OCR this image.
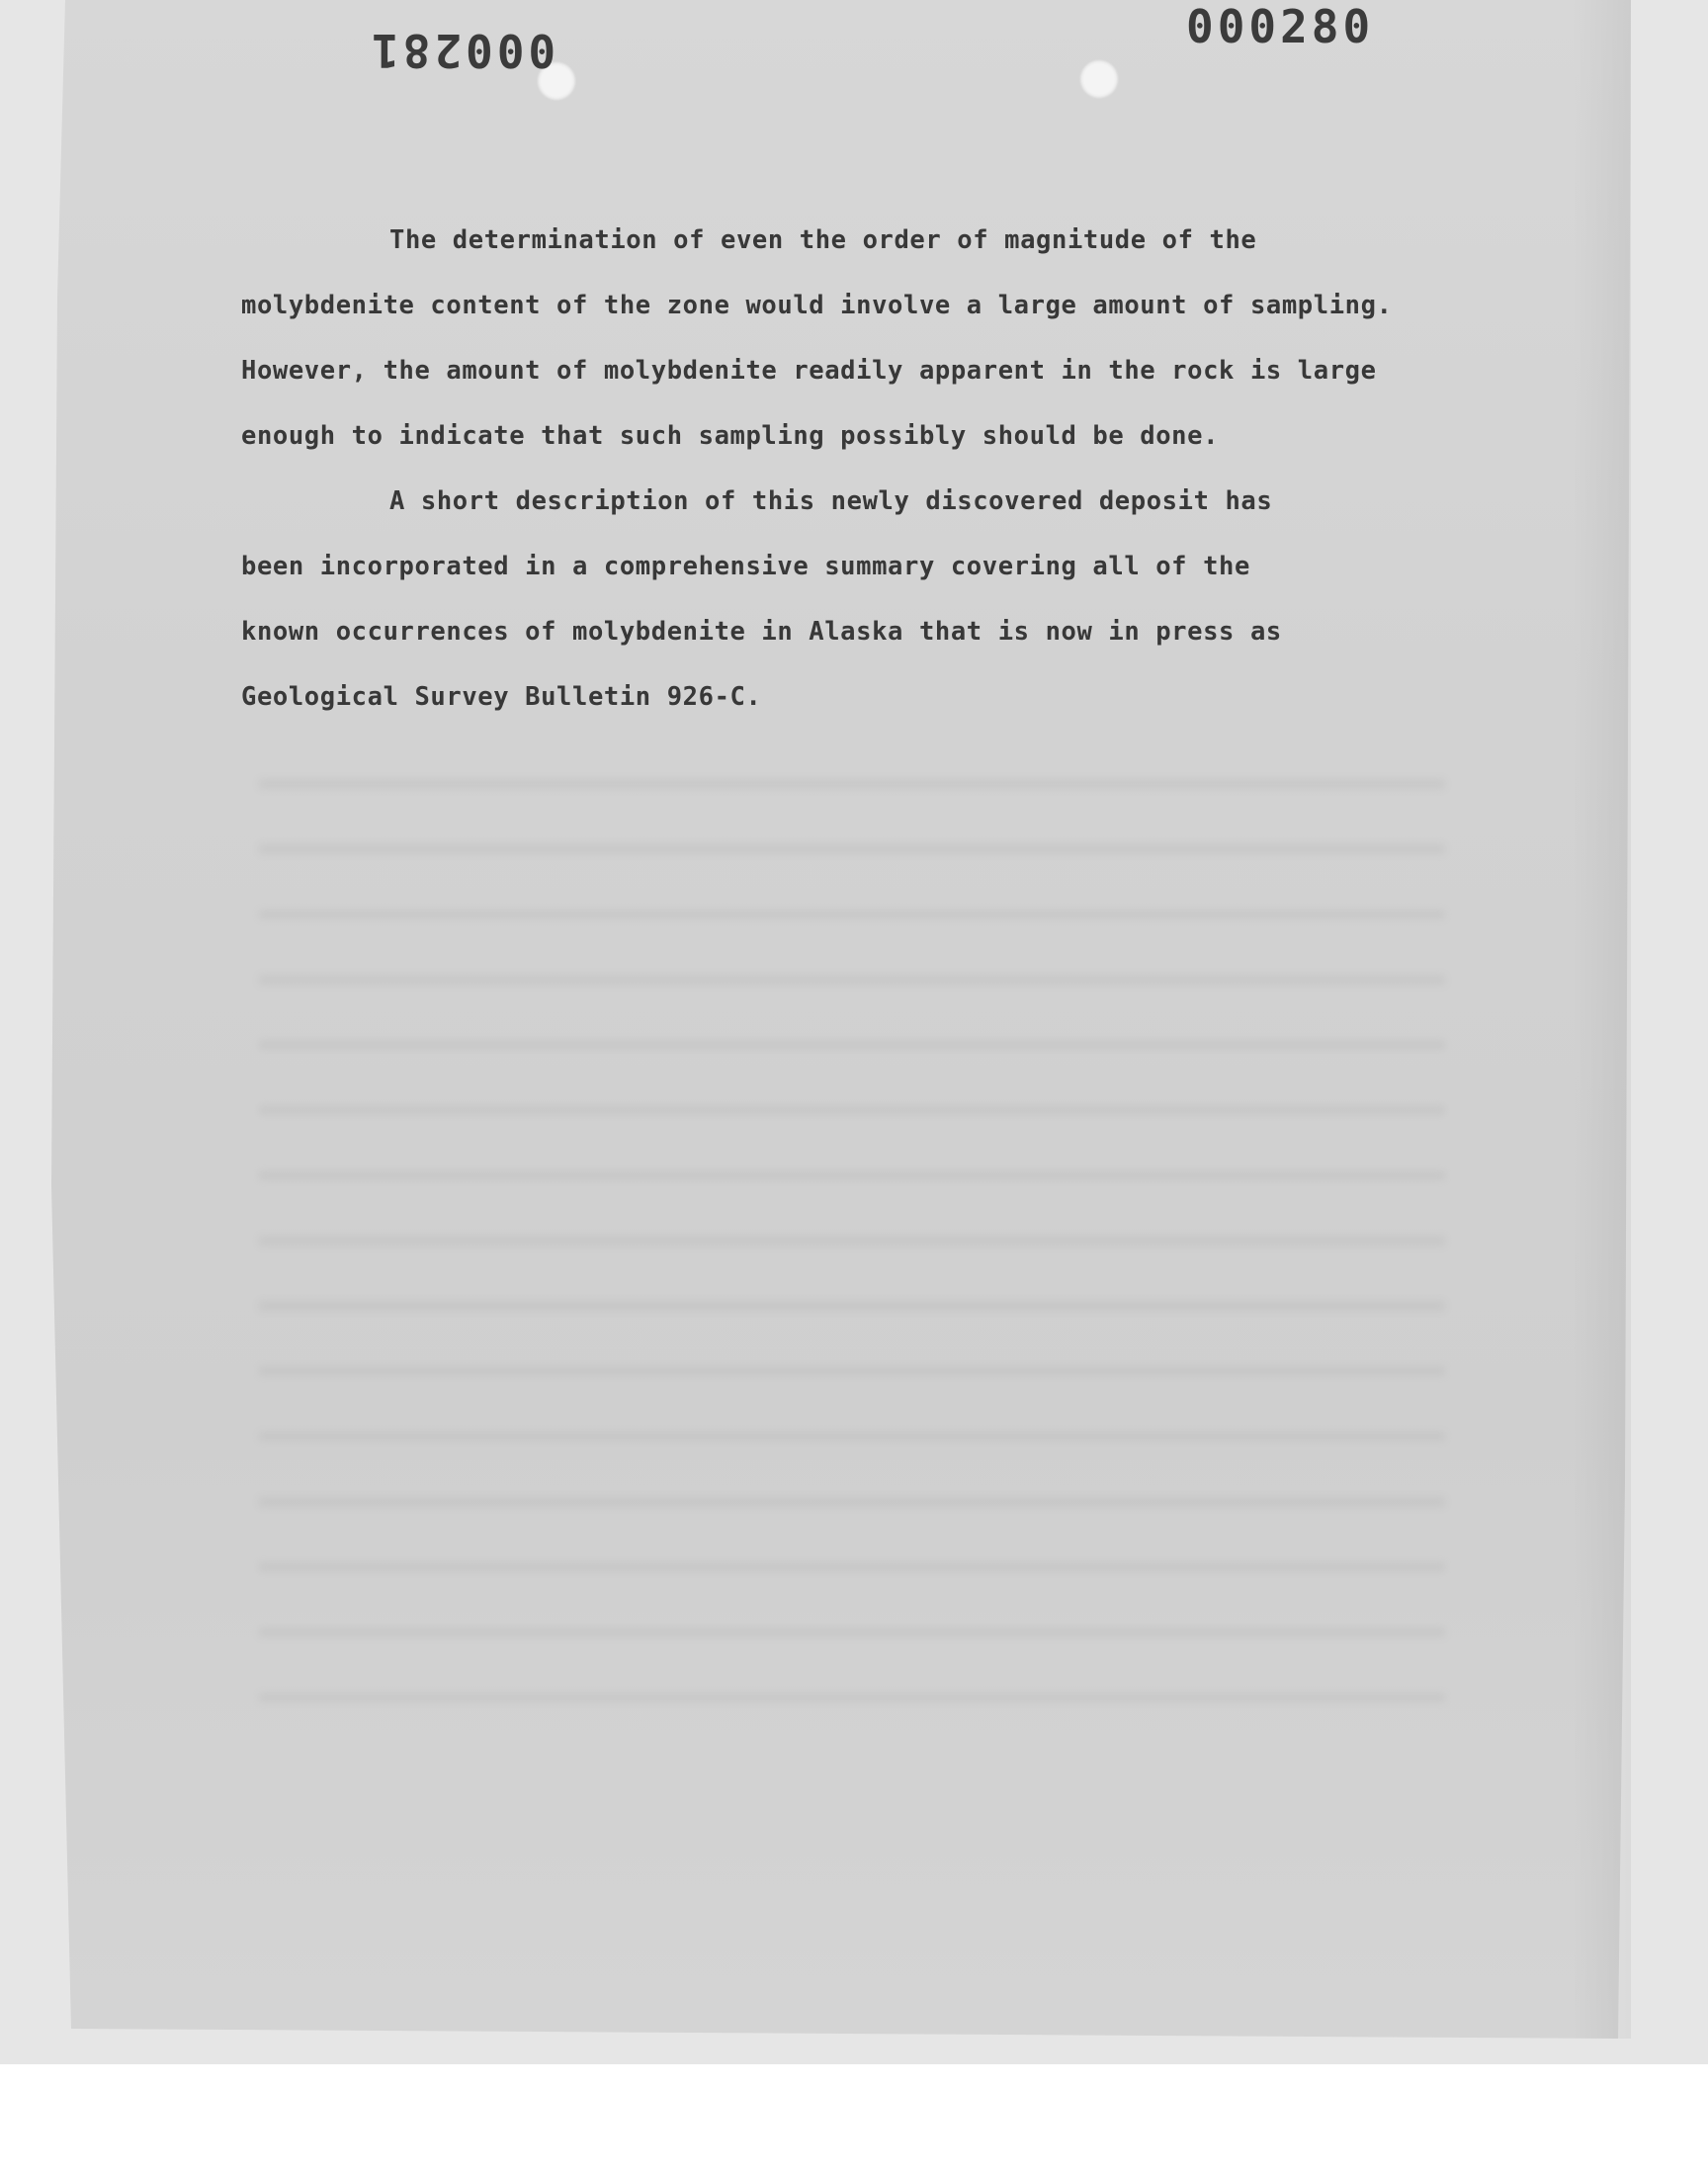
000281	000280
The determination of even the order of magnitude of the
molybdenite content of the zone would involve a large amount of sampling.
However, the amount of molybdenite readily apparent in the rock is large
enough to indicate that such sampling possibly should be done.
A short description of this newly discovered deposit has
been incorporated in a comprehensive summary covering all of the
known occurrences of molybdenite in Alaska that is now in press as
Geological Survey Bulletin 926-C.
